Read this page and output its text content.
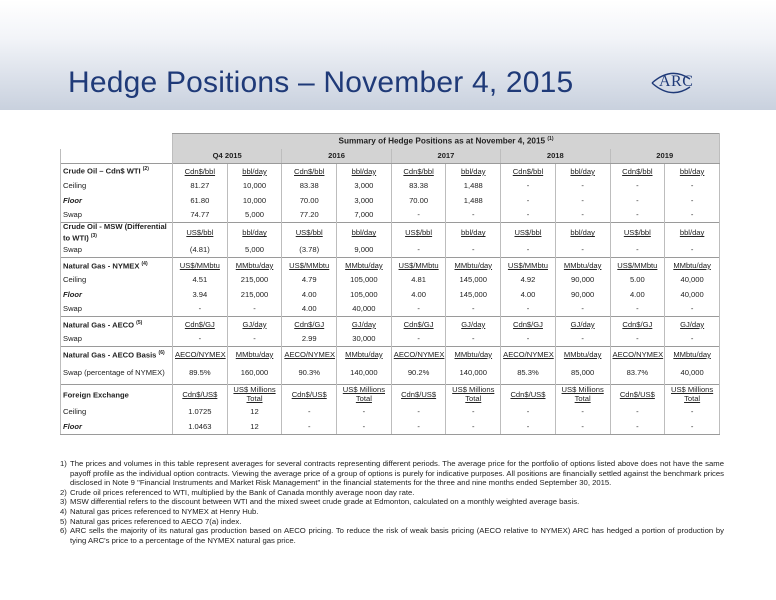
Hedge Positions – November 4, 2015	ARC
	Summary of Hedge Positions as at November 4, 2015 $^{(1)}$
	Q4 2015		2016		2017		2018		2019	
Crude Oil – Cdn$ WTI $^{(2)}$	Cdn$/bbl	bbl/day	Cdn$/bbl	bbl/day	Cdn$/bbl	bbl/day	Cdn$/bbl	bbl/day	Cdn$/bbl	bbl/day
Ceiling	81.27	10,000	83.38	3,000	83.38	1,488	-	-	-	-
Floor	61.80	10,000	70.00	3,000	70.00	1,488	-	-	-	-
Swap	74.77	5,000	77.20	7,000	-	-	-	-	-	-
Crude Oil - MSW (Differential to WTI) $^{(3)}$	US$/bbl	bbl/day	US$/bbl	bbl/day	US$/bbl	bbl/day	US$/bbl	bbl/day	US$/bbl	bbl/day
Swap	(4.81)	5,000	(3.78)	9,000	-	-	-	-	-	-
Natural Gas - NYMEX $^{(4)}$	US$/MMbtu	MMbtu/day	US$/MMbtu	MMbtu/day	US$/MMbtu	MMbtu/day	US$/MMbtu	MMbtu/day	US$/MMbtu	MMbtu/day
Ceiling	4.51	215,000	4.79	105,000	4.81	145,000	4.92	90,000	5.00	40,000
Floor	3.94	215,000	4.00	105,000	4.00	145,000	4.00	90,000	4.00	40,000
Swap	-	-	4.00	40,000	-	-	-	-	-	-
Natural Gas - AECO $^{(5)}$	Cdn$/GJ	GJ/day	Cdn$/GJ	GJ/day	Cdn$/GJ	GJ/day	Cdn$/GJ	GJ/day	Cdn$/GJ	GJ/day
Swap	-	-	2.99	30,000	-	-	-	-	-	-
Natural Gas - AECO Basis $^{(6)}$	AECO/NYMEX	MMbtu/day	AECO/NYMEX	MMbtu/day	AECO/NYMEX	MMbtu/day	AECO/NYMEX	MMbtu/day	AECO/NYMEX	MMbtu/day
Swap (percentage of NYMEX)	89.5%	160,000	90.3%	140,000	90.2%	140,000	85.3%	85,000	83.7%	40,000
Foreign Exchange	Cdn$/US$	US$ Millions Total	Cdn$/US$	US$ Millions Total	Cdn$/US$	US$ Millions Total	Cdn$/US$	US$ Millions Total	Cdn$/US$	US$ Millions Total
Ceiling	1.0725	12	-	-	-	-	-	-	-	-
Floor	1.0463	12	-	-	-	-	-	-	-	-
1) The prices and volumes in this table represent averages for several contracts representing different periods. The average price for the portfolio of options listed above does not have the same payoff profile as the individual option contracts. Viewing the average price of a group of options is purely for indicative purposes. All positions are financially settled against the benchmark prices disclosed in Note 9 "Financial Instruments and Market Risk Management" in the financial statements for the three and nine months ended September 30, 2015.
2) Crude oil prices referenced to WTI, multiplied by the Bank of Canada monthly average noon day rate.
3) MSW differential refers to the discount between WTI and the mixed sweet crude grade at Edmonton, calculated on a monthly weighted average basis.
4) Natural gas prices referenced to NYMEX at Henry Hub.
5) Natural gas prices referenced to AECO 7(a) index.
6) ARC sells the majority of its natural gas production based on AECO pricing. To reduce the risk of weak basis pricing (AECO relative to NYMEX) ARC has hedged a portion of production by tying ARC's price to a percentage of the NYMEX natural gas price.
